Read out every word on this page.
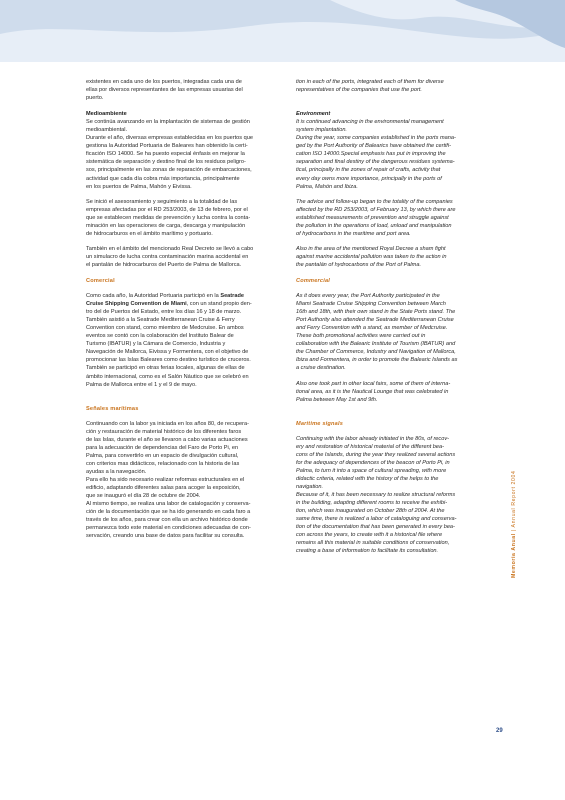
existentes en cada uno de los puertos, integradas cada una de
ellas por diversos representantes de las empresas usuarias del
puerto.

Medioambiente

Se continúa avanzando en la implantación de sistemas de gestión
medioambiental.
Durante el año, diversas empresas establecidas en los puertos que
gestiona la Autoridad Portuaria de Baleares han obtenido la certi-
ficación ISO 14000. Se ha puesto especial énfasis en mejorar la
sistemática de separación y destino final de los residuos peligro-
sos, principalmente en las zonas de reparación de embarcaciones,
actividad que cada día cobra más importancia, principalmente
en los puertos de Palma, Mahón y Eivissa.

Se inició el asesoramiento y seguimiento a la totalidad de las
empresas afectadas por el RD 253/2003, de 13 de febrero, por el
que se establecen medidas de prevención y lucha contra la conta-
minación en las operaciones de carga, descarga y manipulación
de hidrocarburos en el ámbito marítimo y portuario.

También en el ámbito del mencionado Real Decreto se llevó a cabo
un simulacro de lucha contra contaminación marina accidental en
el pantalán de hidrocarburos del Puerto de Palma de Mallorca.

Comercial

Como cada año, la Autoridad Portuaria participó en la Seatrade
Cruise Shipping Convention de Miami, con un stand propio den-
tro del de Puertos del Estado, entre los días 16 y 18 de marzo.
También asistió a la Seatrade Mediterranean Cruise & Ferry
Convention con stand, como miembro de Medcruise. En ambos
eventos se contó con la colaboración del Instituto Balear de
Turismo (IBATUR) y la Cámara de Comercio, Industria y
Navegación de Mallorca, Eivissa y Formentera, con el objetivo de
promocionar las Islas Baleares como destino turístico de cruceros.
También se participó en otras ferias locales, algunas de ellas de
ámbito internacional, como es el Salón Náutico que se celebró en
Palma de Mallorca entre el 1 y el 9 de mayo.

Señales marítimas

Continuando con la labor ya iniciada en los años 80, de recupera-
ción y restauración de material histórico de los diferentes faros
de las Islas, durante el año se llevaron a cabo varias actuaciones
para la adecuación de dependencias del Faro de Porto Pi, en
Palma, para convertirlo en un espacio de divulgación cultural,
con criterios mas didácticos, relacionado con la historia de las
ayudas a la navegación.
Para ello ha sido necesario realizar reformas estructurales en el
edificio, adaptando diferentes salas para acoger la exposición,
que se inauguró el día 28 de octubre de 2004.
Al mismo tiempo, se realiza una labor de catalogación y conserva-
ción de la documentación que se ha ido generando en cada faro a
través de los años, para crear con ella un archivo histórico donde
permanezca todo este material en condiciones adecuadas de con-
servación, creando una base de datos para facilitar su consulta.

tion in each of the ports, integrated each of them for diverse
representatives of the companies that use the port.

Environment

It is continued advancing in the environmental management
system implantation.
During the year, some companies established in the ports mana-
ged by the Port Authority of Balearics have obtained the certifi-
cation ISO 14000.Special emphasis has put in improving the
separation and final destiny of the dangerous residues systema-
tical, principally in the zones of repair of crafts, activity that
every day owns more importance, principally in the ports of
Palma, Mahón and Ibiza.

The advice and follow-up began to the totality of the companies
affected by the RD 253/2003, of February 13, by which there are
established measurements of prevention and struggle against
the pollution in the operations of load, unload and manipulation
of hydrocarbons in the maritime and port area.

Also in the area of the mentioned Royal Decree a sham fight
against marine accidental pollution was taken to the action in
the pantalán of hydrocarbons of the Port of Palma.

Commercial

As it does every year, the Port Authority participated in the
Miami Seatrade Cruise Shipping Convention between March
16th and 18th, with their own stand in the State Ports stand. The
Port Authority also attended the Seatrade Mediterranean Cruise
and Ferry Convention with a stand, as member of Medcruise.
These both promotional activities were carried out in
collaboration with the Balearic Institute of Tourism (IBATUR) and
the Chamber of Commerce, Industry and Navigation of Mallorca,
Ibiza and Formentera, in order to promote the Balearic Islands as
a cruise destination.

Also one took part in other local fairs, some of them of interna-
tional area, as it is the Nautical Lounge that was celebrated in
Palma between May 1st and 9th.

Maritime signals

Continuing with the labor already initiated in the 80s, of recov-
ery and restoration of historical material of the different bea-
cons of the Islands, during the year they realized several actions
for the adequacy of dependences of the beacon of Porto Pi, in
Palma, to turn it into a space of cultural spreading, with more
didactic criteria, related with the history of the helps to the
navigation.
Because of it, it has been necessary to realize structural reforms
in the building, adapting different rooms to receive the exhibi-
tion, which was inaugurated on October 28th of 2004. At the
same time, there is realized a labor of cataloguing and conserva-
tion of the documentation that has been generated in every bea-
con across the years, to create with it a historical file where
remains all this material in suitable conditions of conservation,
creating a base of information to facilitate its consultation.	Memoria Anual | Annual Report 2004
29
